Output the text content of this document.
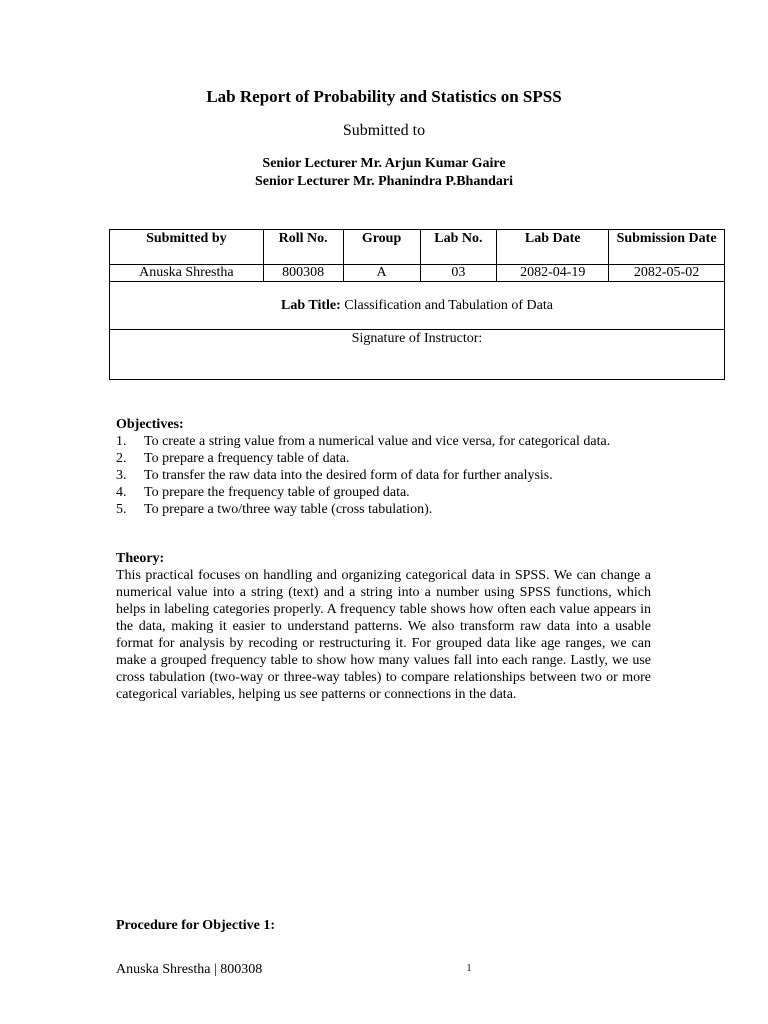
Lab Report of Probability and Statistics on SPSS
Submitted to
Senior Lecturer Mr. Arjun Kumar Gaire
Senior Lecturer Mr. Phanindra P.Bhandari
Submitted by	Roll No.	Group	Lab No.	Lab Date	Submission Date
Anuska Shrestha	800308	A	03	2082-04-19	2082-05-02
Lab Title: Classification and Tabulation of Data					
Signature of Instructor:					
Objectives:
1. To create a string value from a numerical value and vice versa, for categorical data.
2. To prepare a frequency table of data.
3. To transfer the raw data into the desired form of data for further analysis.
4. To prepare the frequency table of grouped data.
5. To prepare a two/three way table (cross tabulation).
Theory:
This practical focuses on handling and organizing categorical data in SPSS. We can change a numerical value into a string (text) and a string into a number using SPSS functions, which helps in labeling categories properly. A frequency table shows how often each value appears in the data, making it easier to understand patterns. We also transform raw data into a usable format for analysis by recoding or restructuring it. For grouped data like age ranges, we can make a grouped frequency table to show how many values fall into each range. Lastly, we use cross tabulation (two-way or three-way tables) to compare relationships between two or more categorical variables, helping us see patterns or connections in the data.
Procedure for Objective 1:
Anuska Shrestha | 800308	1
